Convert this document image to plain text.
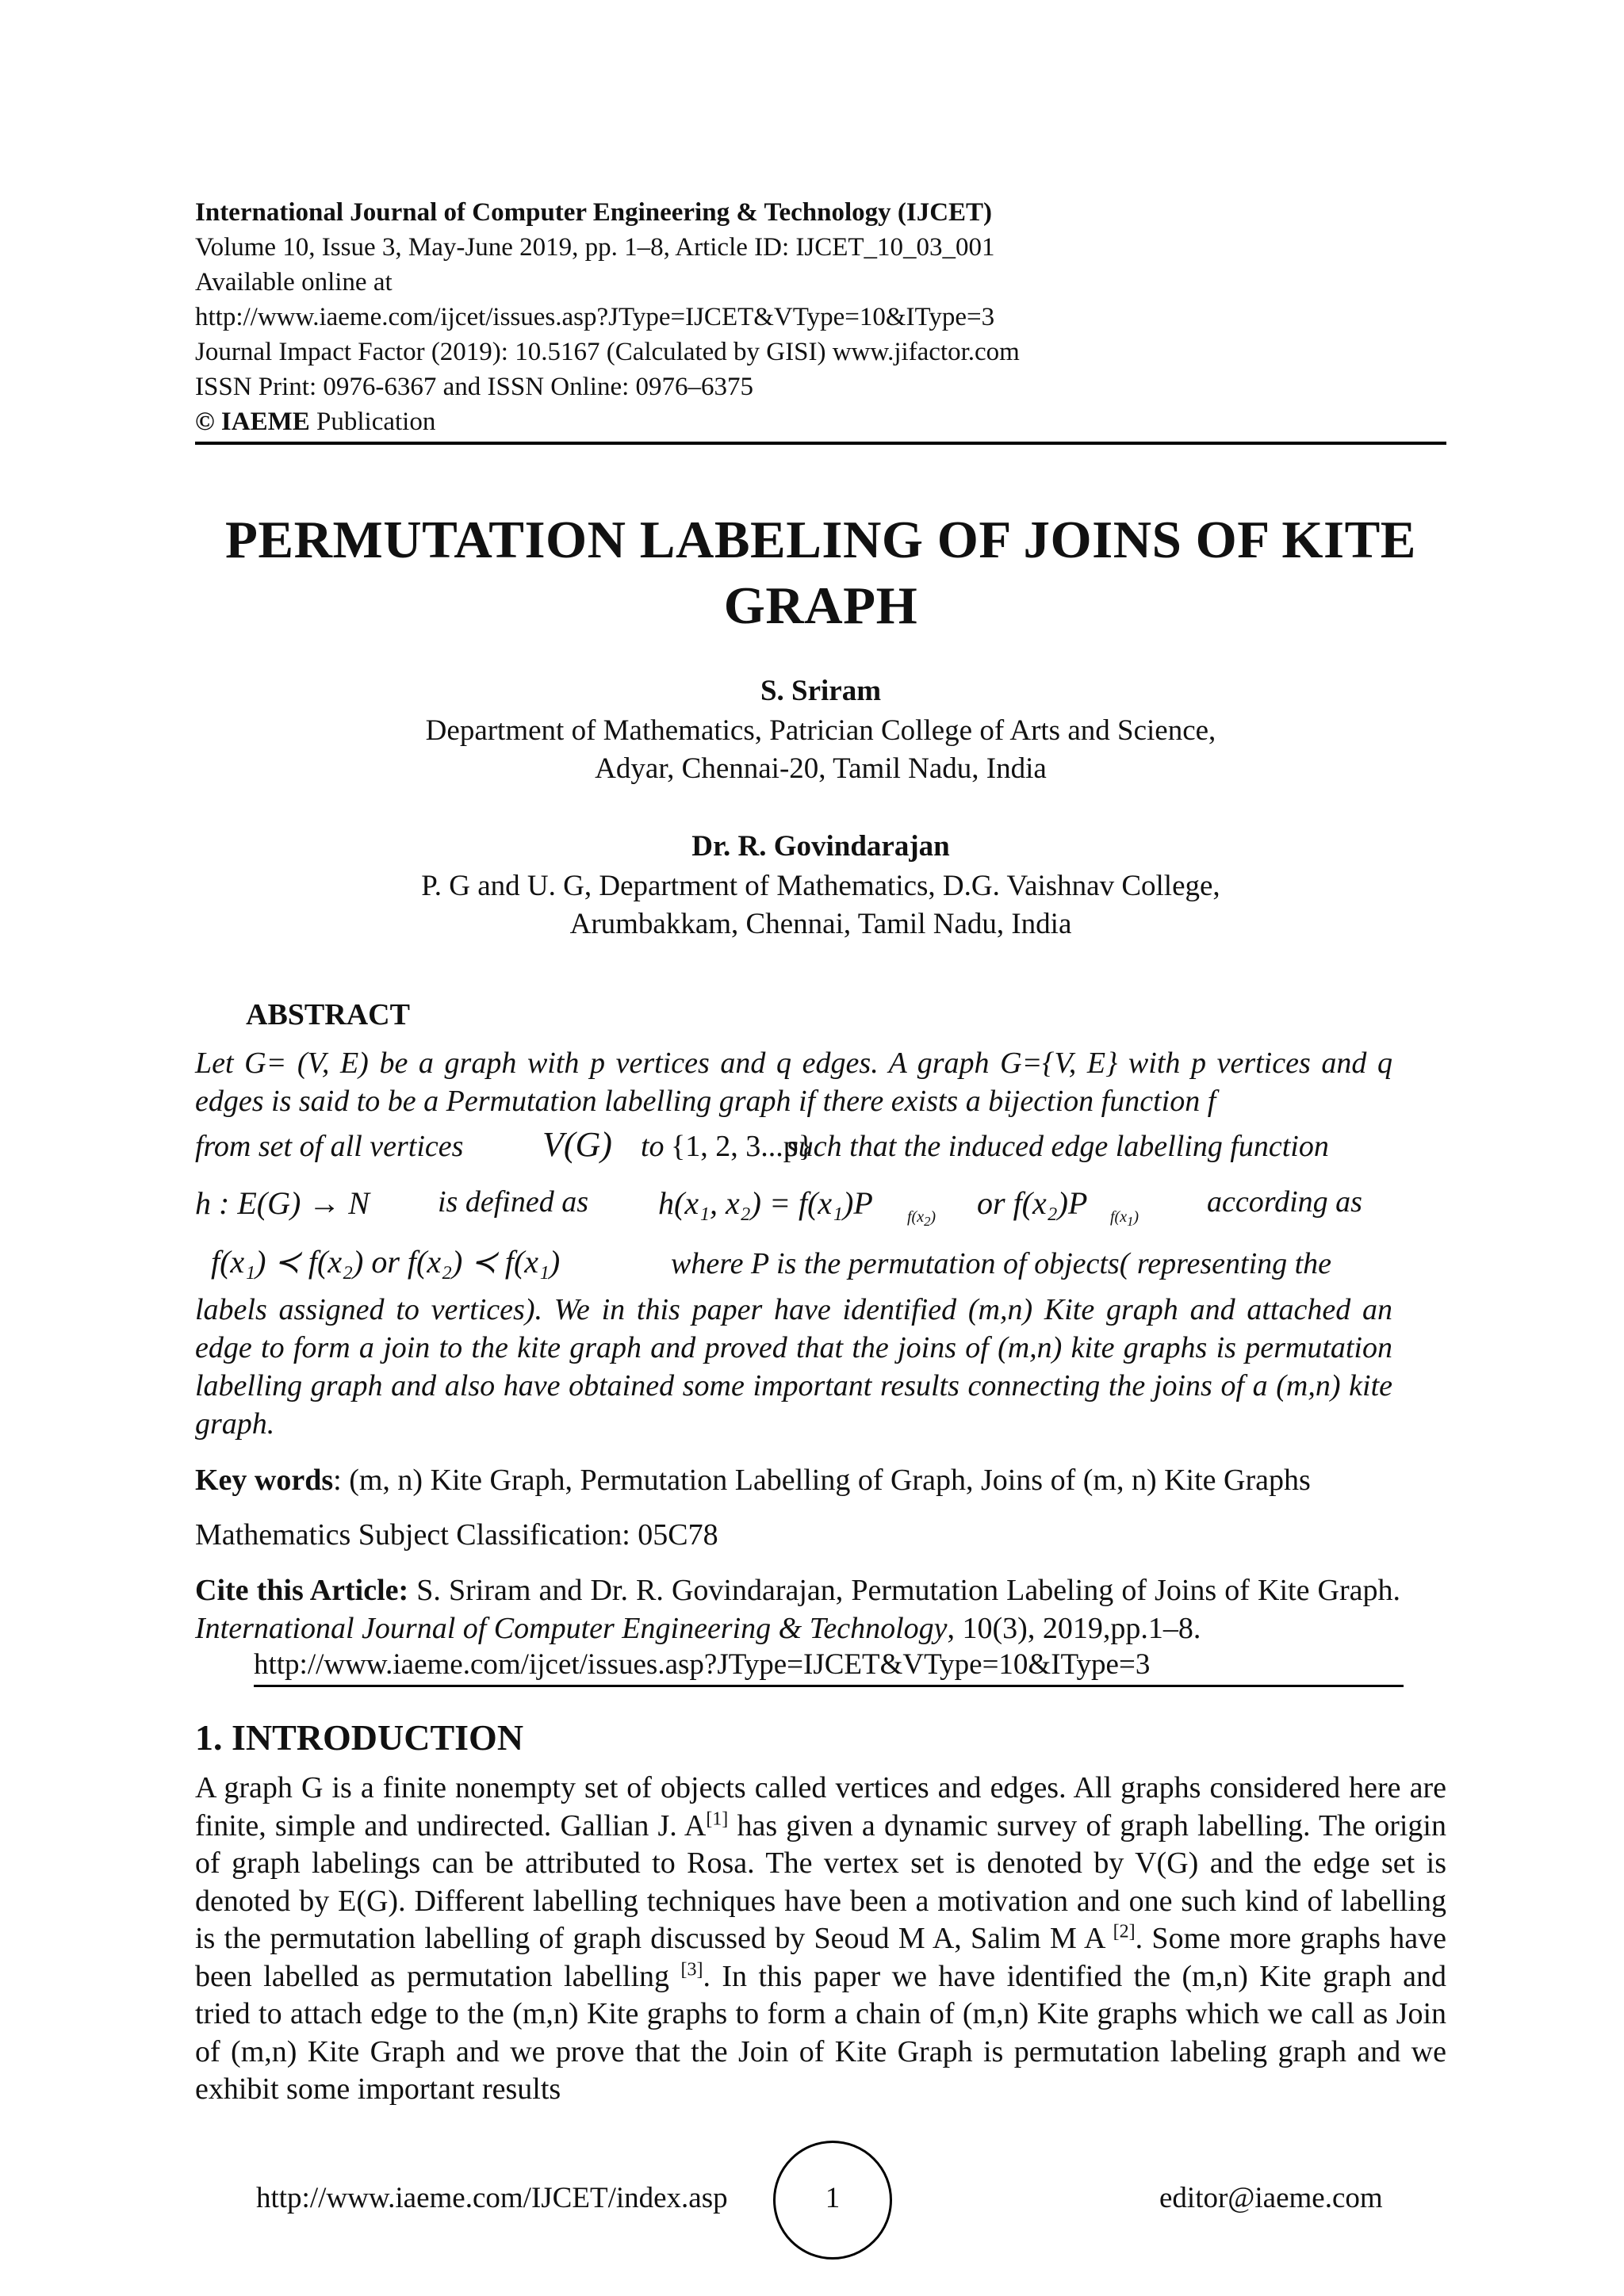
International Journal of Computer Engineering & Technology (IJCET)
Volume 10, Issue 3, May-June 2019, pp. 1–8, Article ID: IJCET_10_03_001
Available online at
http://www.iaeme.com/ijcet/issues.asp?JType=IJCET&VType=10&IType=3
Journal Impact Factor (2019): 10.5167 (Calculated by GISI) www.jifactor.com
ISSN Print: 0976-6367 and ISSN Online: 0976–6375
© IAEME Publication
PERMUTATION LABELING OF JOINS OF KITE GRAPH
S. Sriram
Department of Mathematics, Patrician College of Arts and Science,
Adyar, Chennai-20, Tamil Nadu, India
Dr. R. Govindarajan
P. G and U. G, Department of Mathematics, D.G. Vaishnav College,
Arumbakkam, Chennai, Tamil Nadu, India
ABSTRACT
Let G= (V, E) be a graph with p vertices and q edges. A graph G={V, E} with p vertices and q edges is said to be a Permutation labelling graph if there exists a bijection function f
from set of all vertices V(G) to {1, 2, 3...p}
such that the induced edge labelling function
h : E(G) → N is defined as h(x₁, x₂) = f(x₁)P $f(x_2)$ or f(x₂)P $f(x_1)$ according as
f(x₁) ≺ f(x₂) or f(x₂) ≺ f(x₁)	where P is the permutation of objects( representing the
labels assigned to vertices). We in this paper have identified (m,n) Kite graph and attached an edge to form a join to the kite graph and proved that the joins of (m,n) kite graphs is permutation labelling graph and also have obtained some important results connecting the joins of a (m,n) kite graph.
Key words: (m, n) Kite Graph, Permutation Labelling of Graph, Joins of (m, n) Kite Graphs
Mathematics Subject Classification: 05C78
Cite this Article: S. Sriram and Dr. R. Govindarajan, Permutation Labeling of Joins of Kite Graph. International Journal of Computer Engineering & Technology, 10(3), 2019,pp.1–8.
http://www.iaeme.com/ijcet/issues.asp?JType=IJCET&VType=10&IType=3
1. INTRODUCTION
A graph G is a finite nonempty set of objects called vertices and edges. All graphs considered here are finite, simple and undirected. Gallian J. A[1] has given a dynamic survey of graph labelling. The origin of graph labelings can be attributed to Rosa. The vertex set is denoted by V(G) and the edge set is denoted by E(G). Different labelling techniques have been a motivation and one such kind of labelling is the permutation labelling of graph discussed by Seoud M A, Salim M A [2]. Some more graphs have been labelled as permutation labelling [3]. In this paper we have identified the (m,n) Kite graph and tried to attach edge to the (m,n) Kite graphs to form a chain of (m,n) Kite graphs which we call as Join of (m,n) Kite Graph and we prove that the Join of Kite Graph is permutation labeling graph and we exhibit some important results
http://www.iaeme.com/IJCET/index.asp	1	editor@iaeme.com
